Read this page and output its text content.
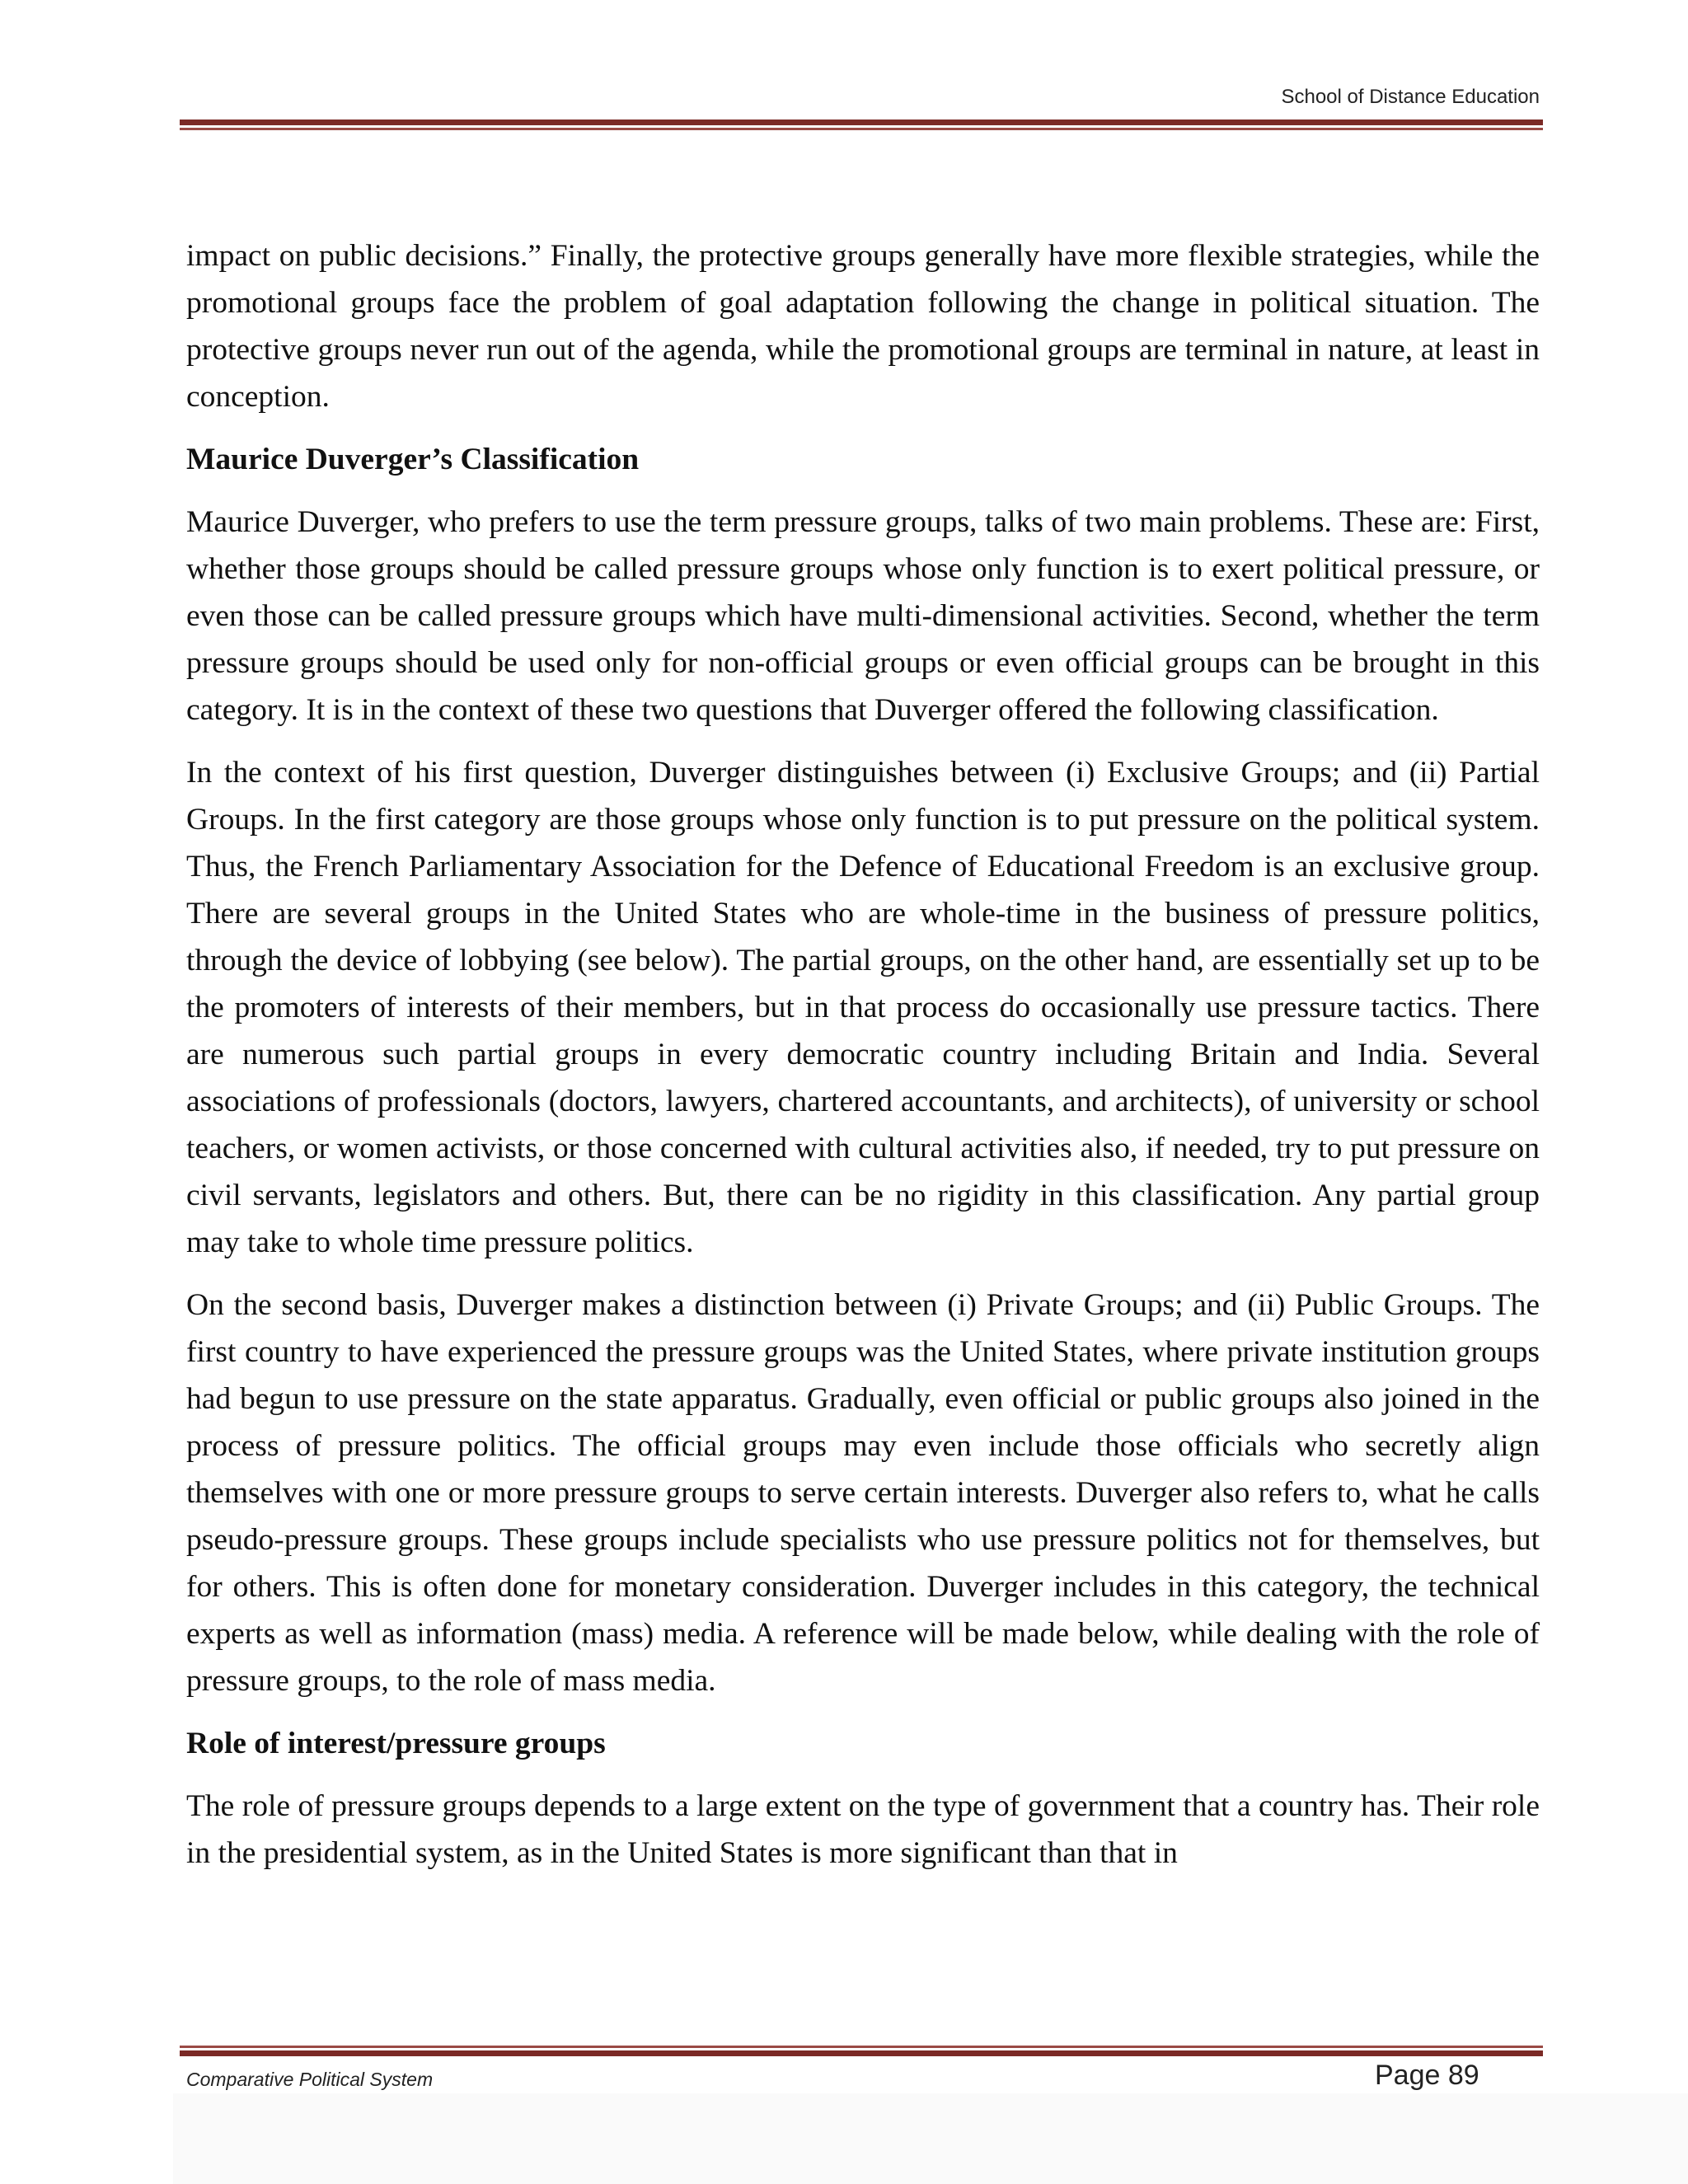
School of Distance Education

impact on public decisions.” Finally, the protective groups generally have more flexible strategies, while the promotional groups face the problem of goal adaptation following the change in political situation. The protective groups never run out of the agenda, while the promotional groups are terminal in nature, at least in conception.

Maurice Duverger’s Classification

Maurice Duverger, who prefers to use the term pressure groups, talks of two main problems. These are: First, whether those groups should be called pressure groups whose only function is to exert political pressure, or even those can be called pressure groups which have multi-dimensional activities. Second, whether the term pressure groups should be used only for non-official groups or even official groups can be brought in this category. It is in the context of these two questions that Duverger offered the following classification.

In the context of his first question, Duverger distinguishes between (i) Exclusive Groups; and (ii) Partial Groups. In the first category are those groups whose only function is to put pressure on the political system. Thus, the French Parliamentary Association for the Defence of Educational Freedom is an exclusive group. There are several groups in the United States who are whole-time in the business of pressure politics, through the device of lobbying (see below). The partial groups, on the other hand, are essentially set up to be the promoters of interests of their members, but in that process do occasionally use pressure tactics. There are numerous such partial groups in every democratic country including Britain and India. Several associations of professionals (doctors, lawyers, chartered accountants, and architects), of university or school teachers, or women activists, or those concerned with cultural activities also, if needed, try to put pressure on civil servants, legislators and others. But, there can be no rigidity in this classification. Any partial group may take to whole time pressure politics.

On the second basis, Duverger makes a distinction between (i) Private Groups; and (ii) Public Groups. The first country to have experienced the pressure groups was the United States, where private institution groups had begun to use pressure on the state apparatus. Gradually, even official or public groups also joined in the process of pressure politics. The official groups may even include those officials who secretly align themselves with one or more pressure groups to serve certain interests. Duverger also refers to, what he calls pseudo-pressure groups. These groups include specialists who use pressure politics not for themselves, but for others. This is often done for monetary consideration. Duverger includes in this category, the technical experts as well as information (mass) media. A reference will be made below, while dealing with the role of pressure groups, to the role of mass media.

Role of interest/pressure groups

The role of pressure groups depends to a large extent on the type of government that a country has. Their role in the presidential system, as in the United States is more significant than that in

Comparative Political System	Page 89
